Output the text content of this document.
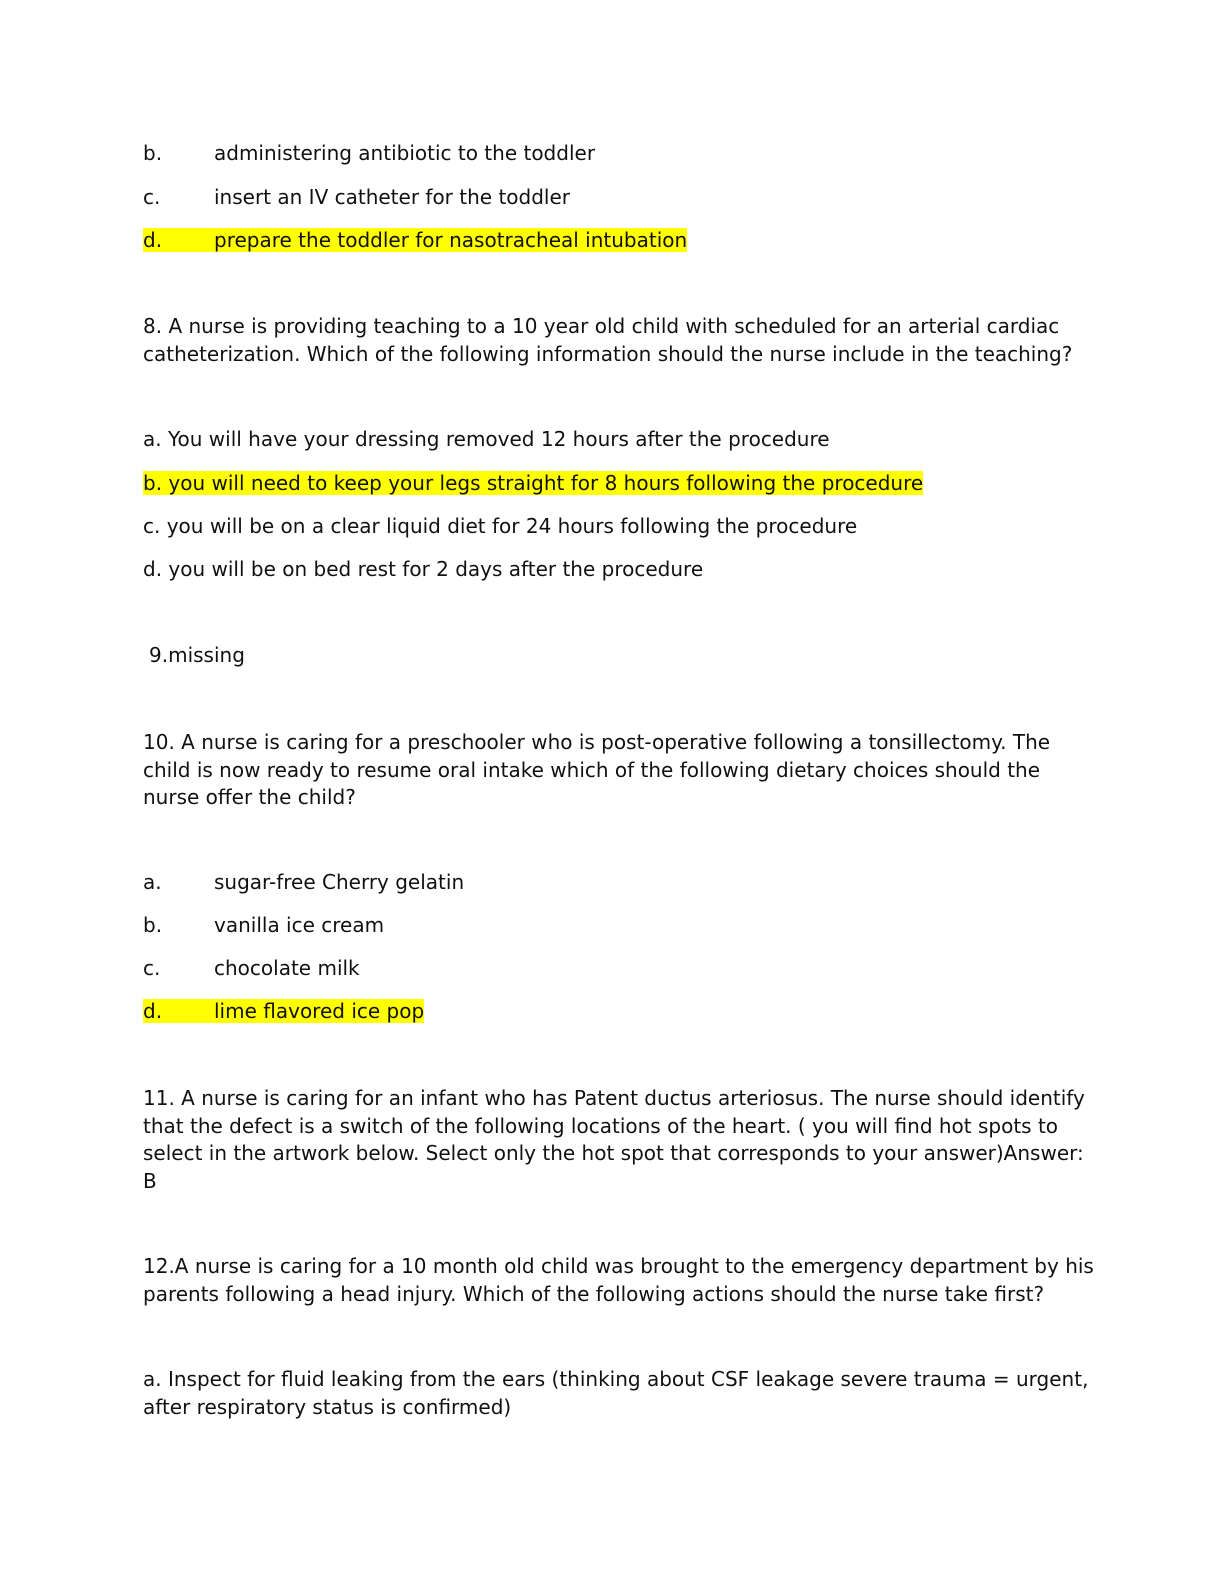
b.	administering antibiotic to the toddler
c.	insert an IV catheter for the toddler
d.	prepare the toddler for nasotracheal intubation
8. A nurse is providing teaching to a 10 year old child with scheduled for an arterial cardiac
catheterization. Which of the following information should the nurse include in the teaching?
a. You will have your dressing removed 12 hours after the procedure
b. you will need to keep your legs straight for 8 hours following the procedure
c. you will be on a clear liquid diet for 24 hours following the procedure
d. you will be on bed rest for 2 days after the procedure
9.missing
10. A nurse is caring for a preschooler who is post-operative following a tonsillectomy. The
child is now ready to resume oral intake which of the following dietary choices should the
nurse offer the child?
a.	sugar-free Cherry gelatin
b.	vanilla ice cream
c.	chocolate milk
d.	lime flavored ice pop
11. A nurse is caring for an infant who has Patent ductus arteriosus. The nurse should identify
that the defect is a switch of the following locations of the heart. ( you will find hot spots to
select in the artwork below. Select only the hot spot that corresponds to your answer)Answer:
B
12.A nurse is caring for a 10 month old child was brought to the emergency department by his
parents following a head injury. Which of the following actions should the nurse take first?
a. Inspect for fluid leaking from the ears (thinking about CSF leakage severe trauma = urgent,
after respiratory status is confirmed)
